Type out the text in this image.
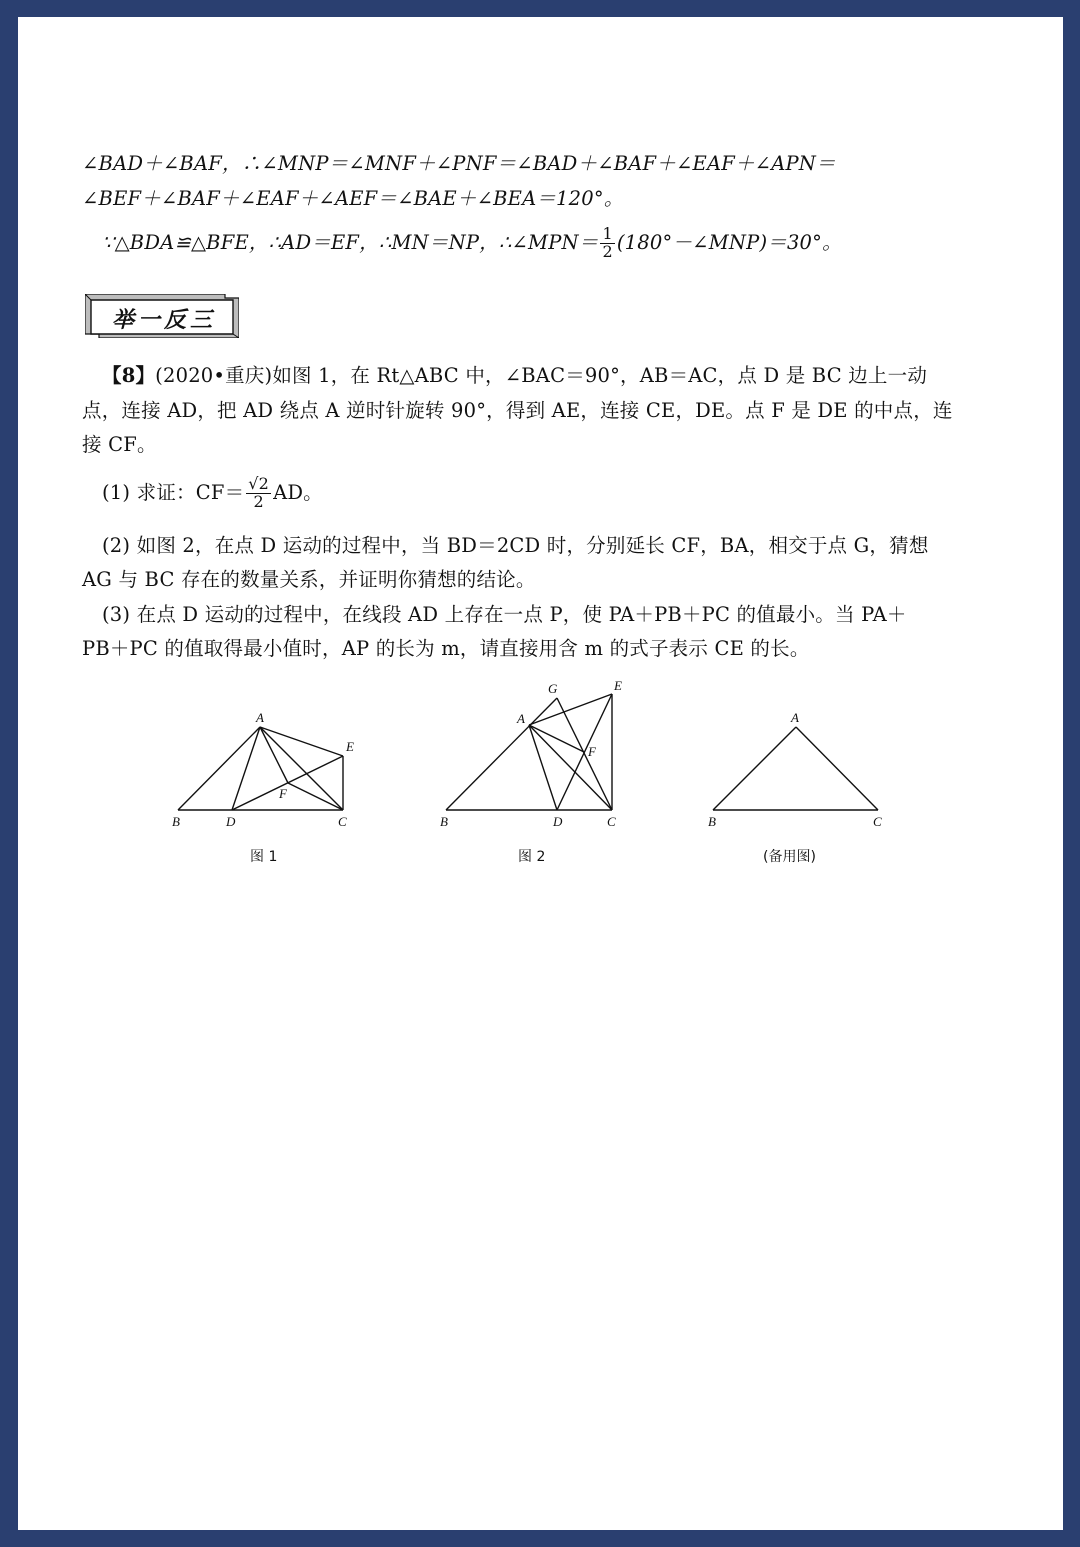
∠BAD＋∠BAF，∴∠MNP＝∠MNF＋∠PNF＝∠BAD＋∠BAF＋∠EAF＋∠APN＝
∠BEF＋∠BAF＋∠EAF＋∠AEF＝∠BAE＋∠BEA＝120°。
∵△BDA≌△BFE，∴AD＝EF，∴MN＝NP，∴∠MPN＝ $\frac{1}{2}$ (180°－∠MNP)＝30°。
举一反三
【8】(2020•重庆)如图 1，在 Rt△ABC 中，∠BAC＝90°，AB＝AC，点 D 是 BC 边上一动
点，连接 AD，把 AD 绕点 A 逆时针旋转 90°，得到 AE，连接 CE，DE。点 F 是 DE 的中点，连
接 CF。
(1) 求证：$CF= \frac{√2}{2}$ AD。
(2) 如图 2，在点 D 运动的过程中，当 BD＝2CD 时，分别延长 CF，BA，相交于点 G，猜想
AG 与 BC 存在的数量关系，并证明你猜想的结论。
(3) 在点 D 运动的过程中，在线段 AD 上存在一点 P，使 PA＋PB＋PC 的值最小。当 PA＋
PB＋PC 的值取得最小值时，AP 的长为 m，请直接用含 m 的式子表示 CE 的长。
A
B	D	C
E
F
G	E
A
F
B	D	C
A
B	C
图 1	图 2	(备用图)
